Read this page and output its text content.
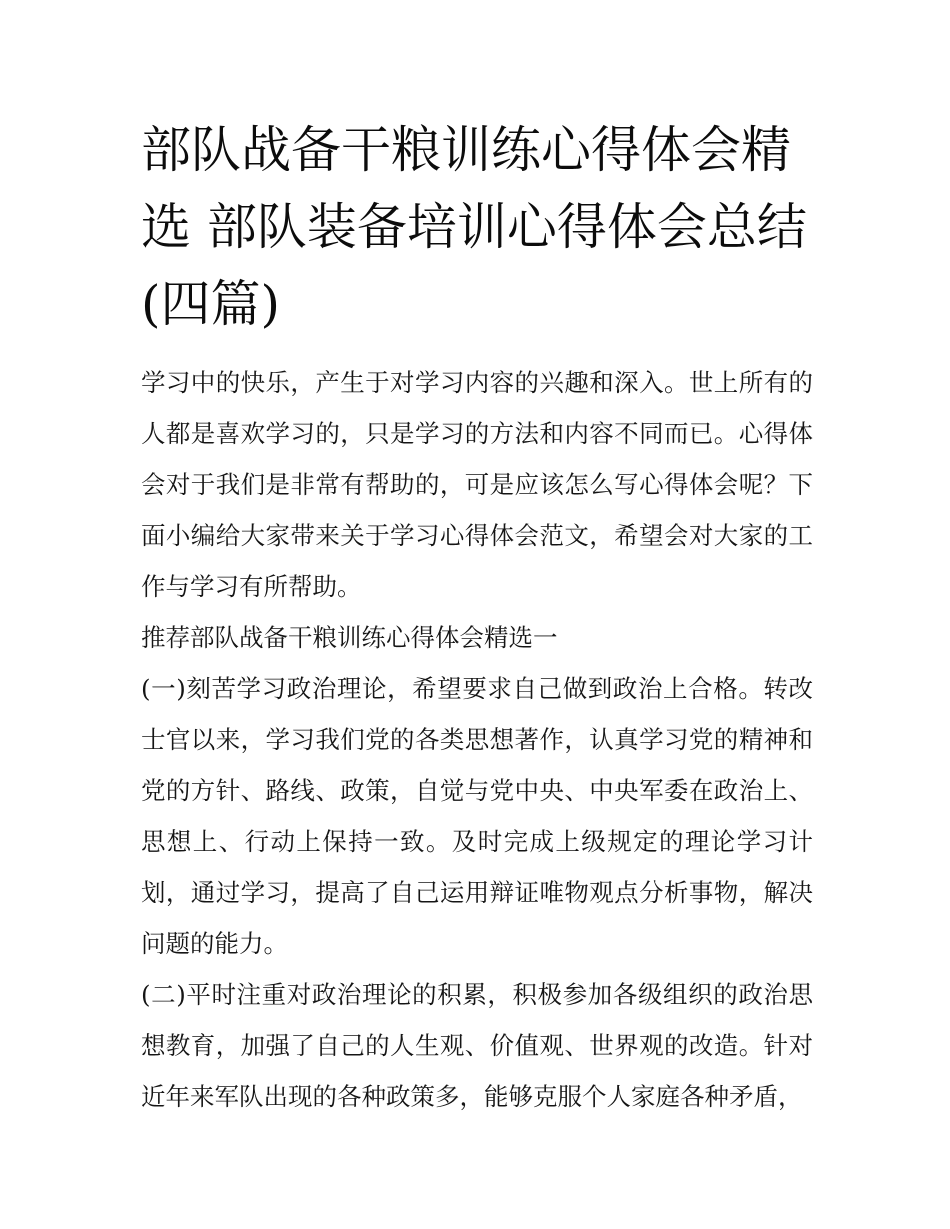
部队战备干粮训练心得体会精选 部队装备培训心得体会总结(四篇)

学习中的快乐，产生于对学习内容的兴趣和深入。世上所有的人都是喜欢学习的，只是学习的方法和内容不同而已。心得体会对于我们是非常有帮助的，可是应该怎么写心得体会呢？下面小编给大家带来关于学习心得体会范文，希望会对大家的工作与学习有所帮助。

推荐部队战备干粮训练心得体会精选一

(一)刻苦学习政治理论，希望要求自己做到政治上合格。转改士官以来，学习我们党的各类思想著作，认真学习党的精神和党的方针、路线、政策，自觉与党中央、中央军委在政治上、思想上、行动上保持一致。及时完成上级规定的理论学习计划，通过学习，提高了自己运用辩证唯物观点分析事物，解决问题的能力。

(二)平时注重对政治理论的积累，积极参加各级组织的政治思想教育，加强了自己的人生观、价值观、世界观的改造。针对近年来军队出现的各种政策多，能够克服个人家庭各种矛盾，
